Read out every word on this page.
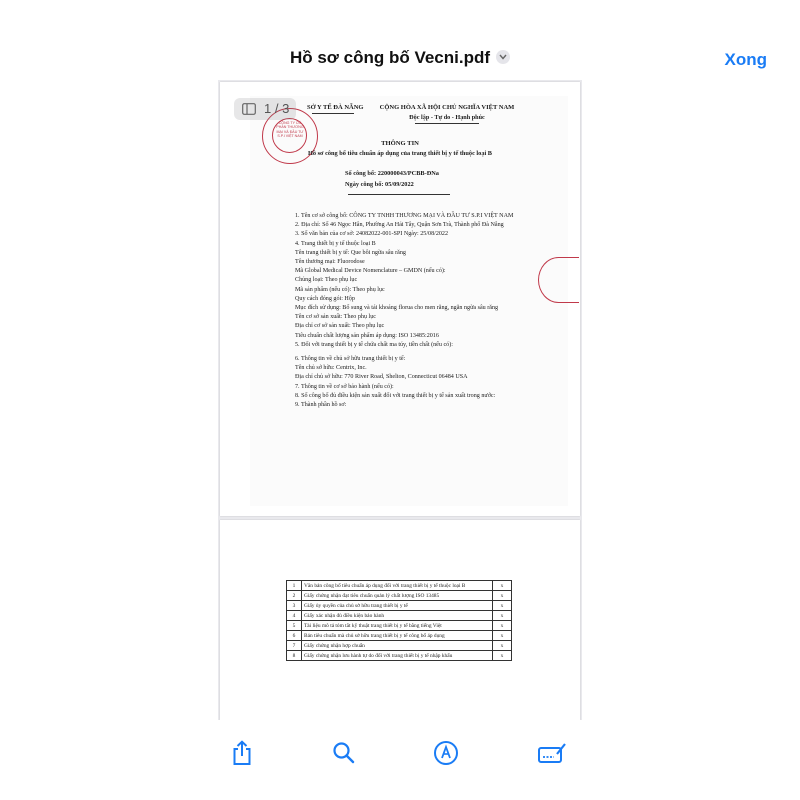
Hồ sơ công bố Vecni.pdf	Xong
CÔNG TY CỔ PHẦN THƯƠNG MẠI VÀ ĐẦU TƯ S.P.I VIỆT NAM
SỞ Y TẾ ĐÀ NẴNG	CỘNG HÒA XÃ HỘI CHỦ NGHĨA VIỆT NAM
Độc lập - Tự do - Hạnh phúc
THÔNG TIN
Hồ sơ công bố tiêu chuẩn áp dụng của trang thiết bị y tế thuộc loại B
Số công bố: 220000043/PCBB-ĐNa
Ngày công bố: 05/09/2022
1. Tên cơ sở công bố: CÔNG TY TNHH THƯƠNG MẠI VÀ ĐẦU TƯ S.P.I VIỆT NAM
2. Địa chỉ: Số 46 Ngọc Hân, Phường An Hải Tây, Quận Sơn Trà, Thành phố Đà Nẵng
3. Số văn bản của cơ sở: 24082022-001-SPI Ngày: 25/08/2022
4. Trang thiết bị y tế thuộc loại B
Tên trang thiết bị y tế: Que bôi ngừa sâu răng
Tên thương mại: Fluorodose
Mã Global Medical Device Nomenclature – GMDN (nếu có):
Chủng loại: Theo phụ lục
Mã sản phẩm (nếu có): Theo phụ lục
Quy cách đóng gói: Hộp
Mục đích sử dụng: Bổ sung và tái khoáng florua cho men răng, ngăn ngừa sâu răng
Tên cơ sở sản xuất: Theo phụ lục
Địa chỉ cơ sở sản xuất: Theo phụ lục
Tiêu chuẩn chất lượng sản phẩm áp dụng: ISO 13485:2016
5. Đối với trang thiết bị y tế chứa chất ma túy, tiền chất (nếu có):
6. Thông tin về chủ sở hữu trang thiết bị y tế:
Tên chủ sở hữu: Centrix, Inc.
Địa chỉ chủ sở hữu: 770 River Road, Shelton, Connecticut 06484 USA
7. Thông tin về cơ sở bảo hành (nếu có):
8. Số công bố đủ điều kiện sản xuất đối với trang thiết bị y tế sản xuất trong nước:
9. Thành phần hồ sơ:
1 / 3
1	Văn bản công bố tiêu chuẩn áp dụng đối với trang thiết bị y tế thuộc loại B	x
2	Giấy chứng nhận đạt tiêu chuẩn quản lý chất lượng ISO 13485	x
3	Giấy ủy quyền của chủ sở hữu trang thiết bị y tế	x
4	Giấy xác nhận đủ điều kiện bảo hành	x
5	Tài liệu mô tả tóm tắt kỹ thuật trang thiết bị y tế bằng tiếng Việt	x
6	Bản tiêu chuẩn mà chủ sở hữu trang thiết bị y tế công bố áp dụng	x
7	Giấy chứng nhận hợp chuẩn	x
8	Giấy chứng nhận lưu hành tự do đối với trang thiết bị y tế nhập khẩu	x
